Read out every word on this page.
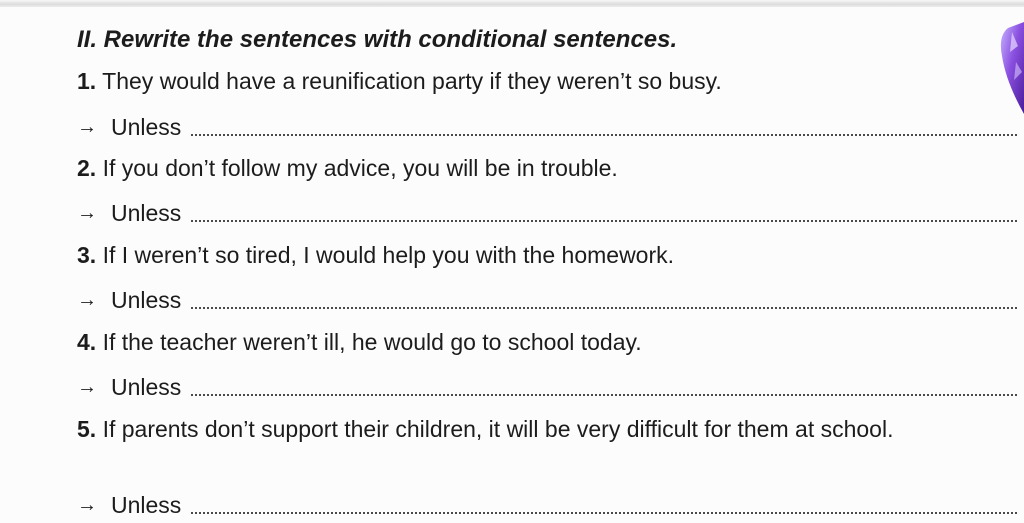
II. Rewrite the sentences with conditional sentences.
1. They would have a reunification party if they weren’t so busy.
→ Unless
2. If you don’t follow my advice, you will be in trouble.
→ Unless
3. If I weren’t so tired, I would help you with the homework.
→ Unless
4. If the teacher weren’t ill, he would go to school today.
→ Unless
5. If parents don’t support their children, it will be very difficult for them at school.
→ Unless
